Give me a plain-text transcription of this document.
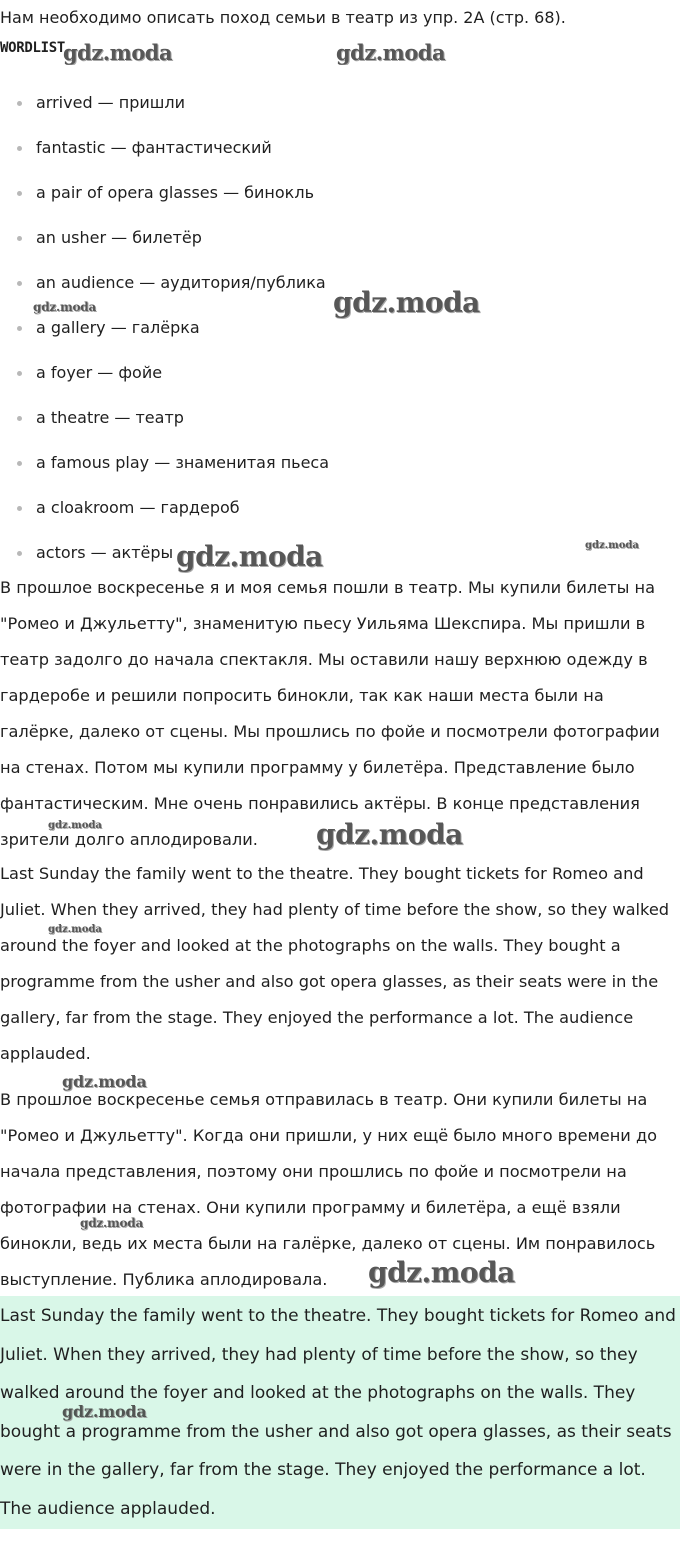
Нам необходимо описать поход семьи в театр из упр. 2А (стр. 68).
WORDLIST
arrived — пришли
fantastic — фантастический
a pair of opera glasses — бинокль
an usher — билетёр
an audience — аудитория/публика
a gallery — галёрка
a foyer — фойе
a theatre — театр
a famous play — знаменитая пьеса
a cloakroom — гардероб
actors — актёры

В прошлое воскресенье я и моя семья пошли в театр. Мы купили билеты на "Ромео и Джульетту", знаменитую пьесу Уильяма Шекспира. Мы пришли в театр задолго до начала спектакля. Мы оставили нашу верхнюю одежду в гардеробе и решили попросить бинокли, так как наши места были на галёрке, далеко от сцены. Мы прошлись по фойе и посмотрели фотографии на стенах. Потом мы купили программу у билетёра. Представление было фантастическим. Мне очень понравились актёры. В конце представления зрители долго аплодировали.

Last Sunday the family went to the theatre. They bought tickets for Romeo and Juliet. When they arrived, they had plenty of time before the show, so they walked around the foyer and looked at the photographs on the walls. They bought a programme from the usher and also got opera glasses, as their seats were in the gallery, far from the stage. They enjoyed the performance a lot. The audience applauded.

В прошлое воскресенье семья отправилась в театр. Они купили билеты на "Ромео и Джульетту". Когда они пришли, у них ещё было много времени до начала представления, поэтому они прошлись по фойе и посмотрели на фотографии на стенах. Они купили программу и билетёра, а ещё взяли бинокли, ведь их места были на галёрке, далеко от сцены. Им понравилось выступление. Публика аплодировала.

Last Sunday the family went to the theatre. They bought tickets for Romeo and Juliet. When they arrived, they had plenty of time before the show, so they walked around the foyer and looked at the photographs on the walls. They bought a programme from the usher and also got opera glasses, as their seats were in the gallery, far from the stage. They enjoyed the performance a lot. The audience applauded.

gdz.moda	gdz.moda
gdz.moda	gdz.moda
gdz.moda	gdz.moda
gdz.moda	gdz.moda
gdz.moda
gdz.moda
gdz.moda
gdz.moda
gdz.moda
